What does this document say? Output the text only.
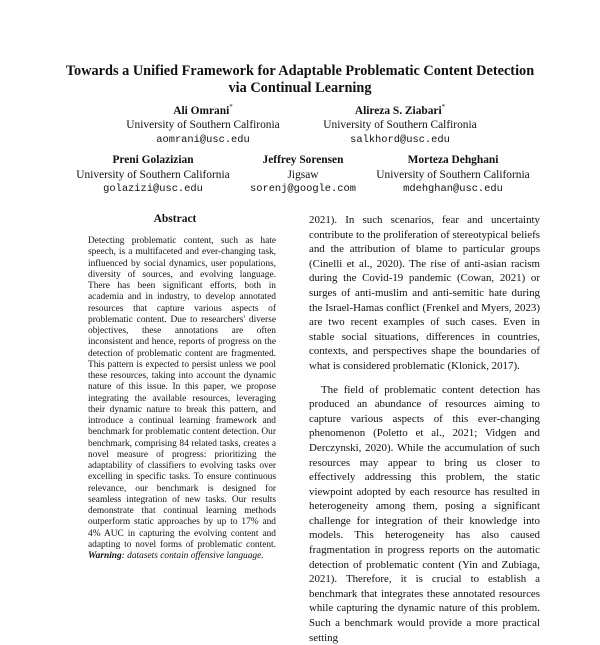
Towards a Unified Framework for Adaptable Problematic Content Detection via Continual Learning
Ali Omrani*
University of Southern Calfironia
aomrani@usc.edu
Alireza S. Ziabari*
University of Southern Calfironia
salkhord@usc.edu
Preni Golazizian
University of Southern California
golazizi@usc.edu
Jeffrey Sorensen
Jigsaw
sorenj@google.com
Morteza Dehghani
University of Southern California
mdehghan@usc.edu
Abstract
Detecting problematic content, such as hate speech, is a multifaceted and ever-changing task, influenced by social dynamics, user populations, diversity of sources, and evolving language. There has been significant efforts, both in academia and in industry, to develop annotated resources that capture various aspects of problematic content. Due to researchers' diverse objectives, these annotations are often inconsistent and hence, reports of progress on the detection of problematic content are fragmented. This pattern is expected to persist unless we pool these resources, taking into account the dynamic nature of this issue. In this paper, we propose integrating the available resources, leveraging their dynamic nature to break this pattern, and introduce a continual learning framework and benchmark for problematic content detection. Our benchmark, comprising 84 related tasks, creates a novel measure of progress: prioritizing the adaptability of classifiers to evolving tasks over excelling in specific tasks. To ensure continuous relevance, our benchmark is designed for seamless integration of new tasks. Our results demonstrate that continual learning methods outperform static approaches by up to 17% and 4% AUC in capturing the evolving content and adapting to novel forms of problematic content. Warning: datasets contain offensive language.

2021). In such scenarios, fear and uncertainty contribute to the proliferation of stereotypical beliefs and the attribution of blame to particular groups (Cinelli et al., 2020). The rise of anti-asian racism during the Covid-19 pandemic (Cowan, 2021) or surges of anti-muslim and anti-semitic hate during the Israel-Hamas conflict (Frenkel and Myers, 2023) are two recent examples of such cases. Even in stable social situations, differences in countries, contexts, and perspectives shape the boundaries of what is considered problematic (Klonick, 2017).

The field of problematic content detection has produced an abundance of resources aiming to capture various aspects of this ever-changing phenomenon (Poletto et al., 2021; Vidgen and Derczynski, 2020). While the accumulation of such resources may appear to bring us closer to effectively addressing this problem, the static viewpoint adopted by each resource has resulted in heterogeneity among them, posing a significant challenge for integration of their knowledge into models. This heterogeneity has also caused fragmentation in progress reports on the automatic detection of problematic content (Yin and Zubiaga, 2021). Therefore, it is crucial to establish a benchmark that integrates these annotated resources while capturing the dynamic nature of this problem. Such a benchmark would provide a more practical setting
